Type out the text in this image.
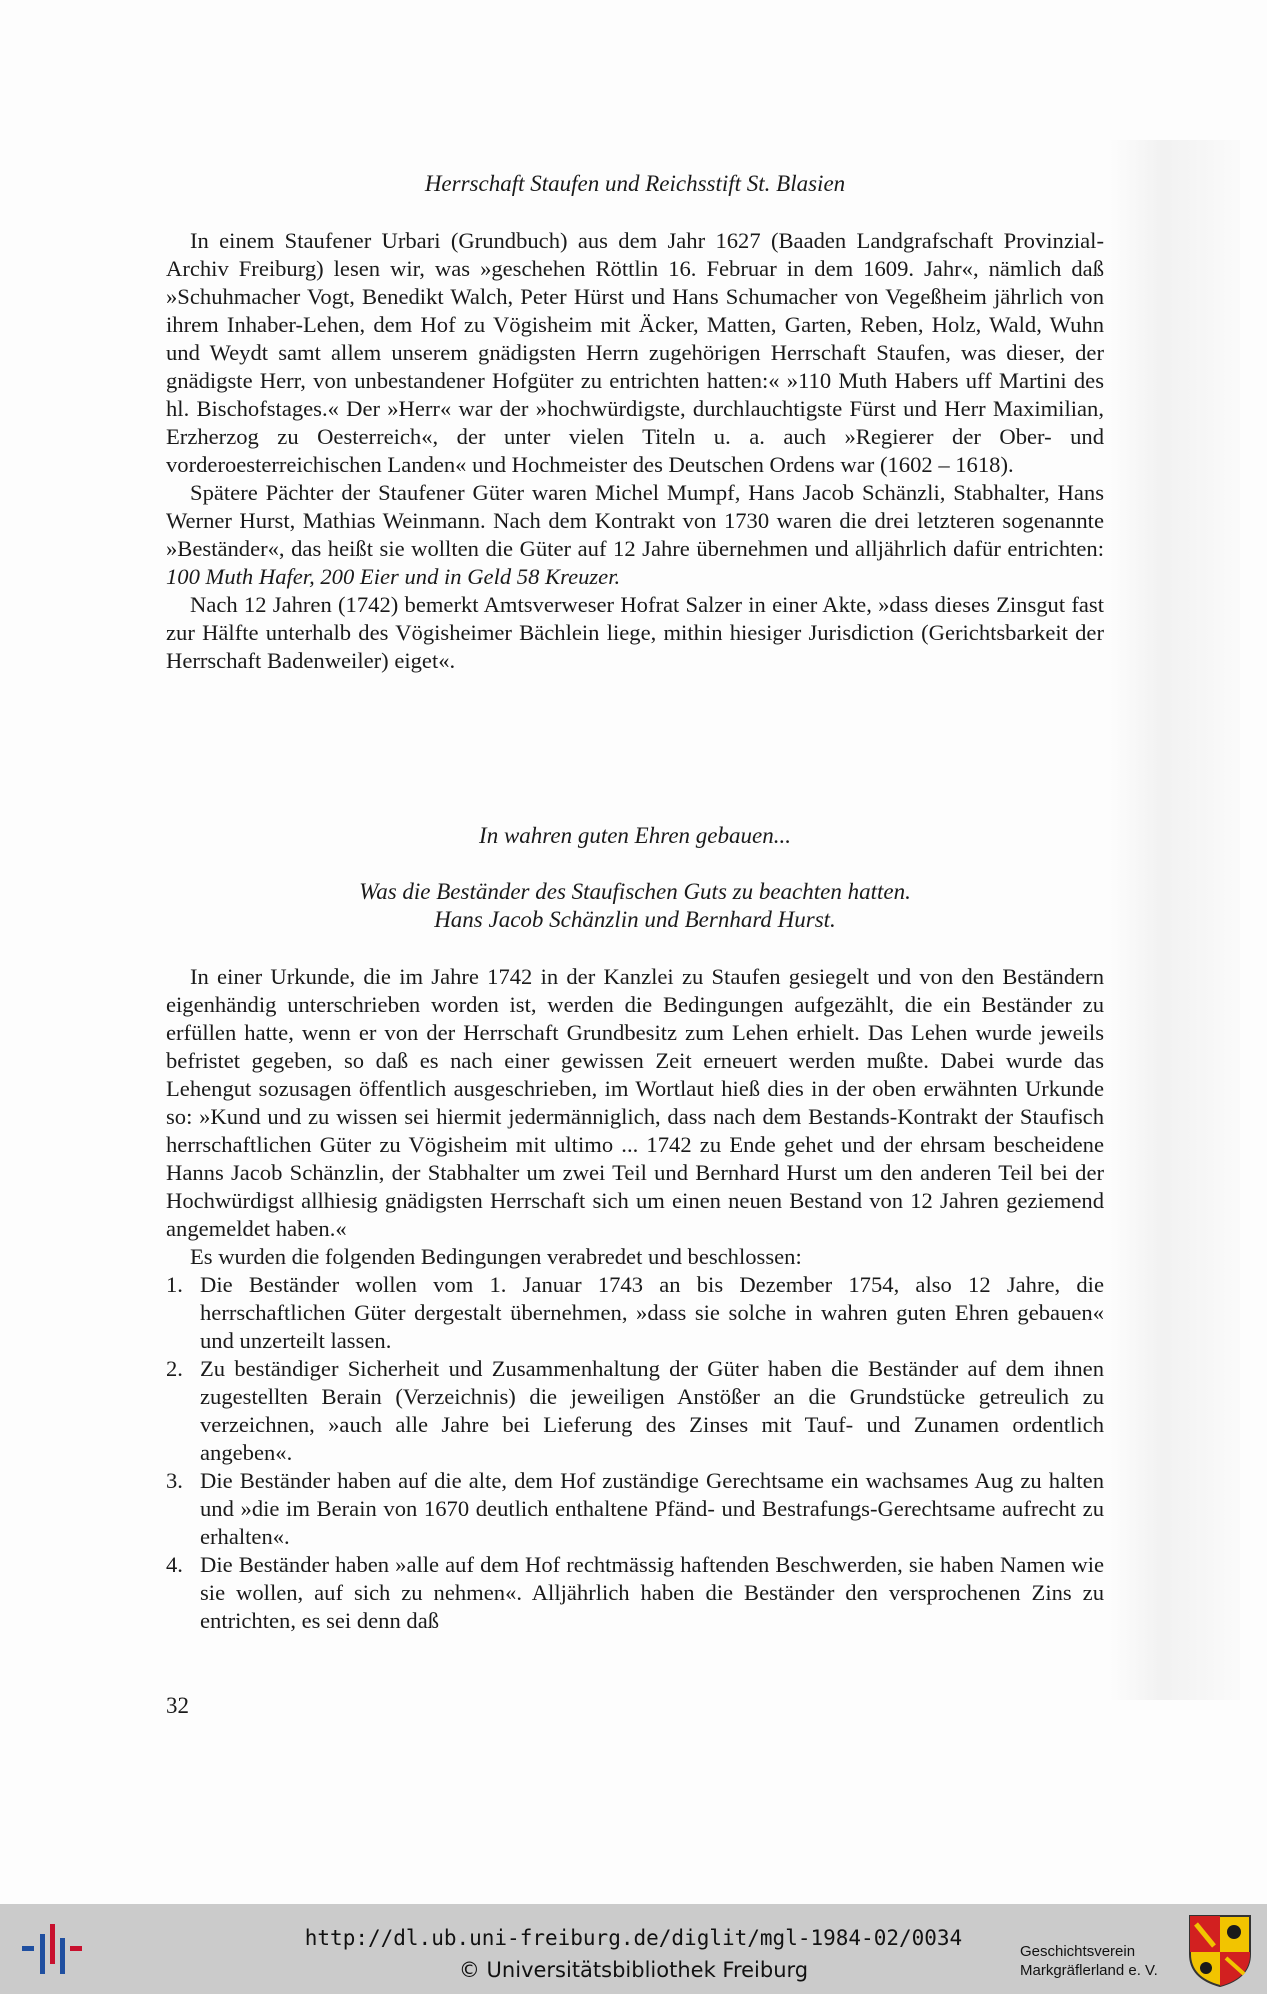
Herrschaft Staufen und Reichsstift St. Blasien

In einem Staufener Urbari (Grundbuch) aus dem Jahr 1627 (Baaden Landgrafschaft Provinzial-Archiv Freiburg) lesen wir, was »geschehen Röttlin 16. Februar in dem 1609. Jahr«, nämlich daß »Schuhmacher Vogt, Benedikt Walch, Peter Hürst und Hans Schumacher von Vegeßheim jährlich von ihrem Inhaber-Lehen, dem Hof zu Vögisheim mit Äcker, Matten, Garten, Reben, Holz, Wald, Wuhn und Weydt samt allem unserem gnädigsten Herrn zugehörigen Herrschaft Staufen, was dieser, der gnädigste Herr, von unbestandener Hofgüter zu entrichten hatten:« »110 Muth Habers uff Martini des hl. Bischofstages.« Der »Herr« war der »hochwürdigste, durchlauchtigste Fürst und Herr Maximilian, Erzherzog zu Oesterreich«, der unter vielen Titeln u. a. auch »Regierer der Ober- und vorderoesterreichischen Landen« und Hochmeister des Deutschen Ordens war (1602 – 1618).

Spätere Pächter der Staufener Güter waren Michel Mumpf, Hans Jacob Schänzli, Stabhalter, Hans Werner Hurst, Mathias Weinmann. Nach dem Kontrakt von 1730 waren die drei letzteren sogenannte »Beständer«, das heißt sie wollten die Güter auf 12 Jahre übernehmen und alljährlich dafür entrichten: 100 Muth Hafer, 200 Eier und in Geld 58 Kreuzer.

Nach 12 Jahren (1742) bemerkt Amtsverweser Hofrat Salzer in einer Akte, »dass dieses Zinsgut fast zur Hälfte unterhalb des Vögisheimer Bächlein liege, mithin hiesiger Jurisdiction (Gerichtsbarkeit der Herrschaft Badenweiler) eiget«.

In wahren guten Ehren gebauen...
Was die Beständer des Staufischen Guts zu beachten hatten.
Hans Jacob Schänzlin und Bernhard Hurst.

In einer Urkunde, die im Jahre 1742 in der Kanzlei zu Staufen gesiegelt und von den Beständern eigenhändig unterschrieben worden ist, werden die Bedingungen aufgezählt, die ein Beständer zu erfüllen hatte, wenn er von der Herrschaft Grundbesitz zum Lehen erhielt. Das Lehen wurde jeweils befristet gegeben, so daß es nach einer gewissen Zeit erneuert werden mußte. Dabei wurde das Lehengut sozusagen öffentlich ausgeschrieben, im Wortlaut hieß dies in der oben erwähnten Urkunde so: »Kund und zu wissen sei hiermit jedermänniglich, dass nach dem Bestands-Kontrakt der Staufisch herrschaftlichen Güter zu Vögisheim mit ultimo ... 1742 zu Ende gehet und der ehrsam bescheidene Hanns Jacob Schänzlin, der Stabhalter um zwei Teil und Bernhard Hurst um den anderen Teil bei der Hochwürdigst allhiesig gnädigsten Herrschaft sich um einen neuen Bestand von 12 Jahren geziemend angemeldet haben.«

Es wurden die folgenden Bedingungen verabredet und beschlossen:

1. Die Beständer wollen vom 1. Januar 1743 an bis Dezember 1754, also 12 Jahre, die herrschaftlichen Güter dergestalt übernehmen, »dass sie solche in wahren guten Ehren gebauen« und unzerteilt lassen.
2. Zu beständiger Sicherheit und Zusammenhaltung der Güter haben die Beständer auf dem ihnen zugestellten Berain (Verzeichnis) die jeweiligen Anstößer an die Grundstücke getreulich zu verzeichnen, »auch alle Jahre bei Lieferung des Zinses mit Tauf- und Zunamen ordentlich angeben«.
3. Die Beständer haben auf die alte, dem Hof zuständige Gerechtsame ein wachsames Aug zu halten und »die im Berain von 1670 deutlich enthaltene Pfänd- und Bestrafungs-Gerechtsame aufrecht zu erhalten«.
4. Die Beständer haben »alle auf dem Hof rechtmässig haftenden Beschwerden, sie haben Namen wie sie wollen, auf sich zu nehmen«. Alljährlich haben die Beständer den versprochenen Zins zu entrichten, es sei denn daß
32
http://dl.ub.uni-freiburg.de/diglit/mgl-1984-02/0034
© Universitätsbibliothek Freiburg
Geschichtsverein
Markgräflerland e. V.
